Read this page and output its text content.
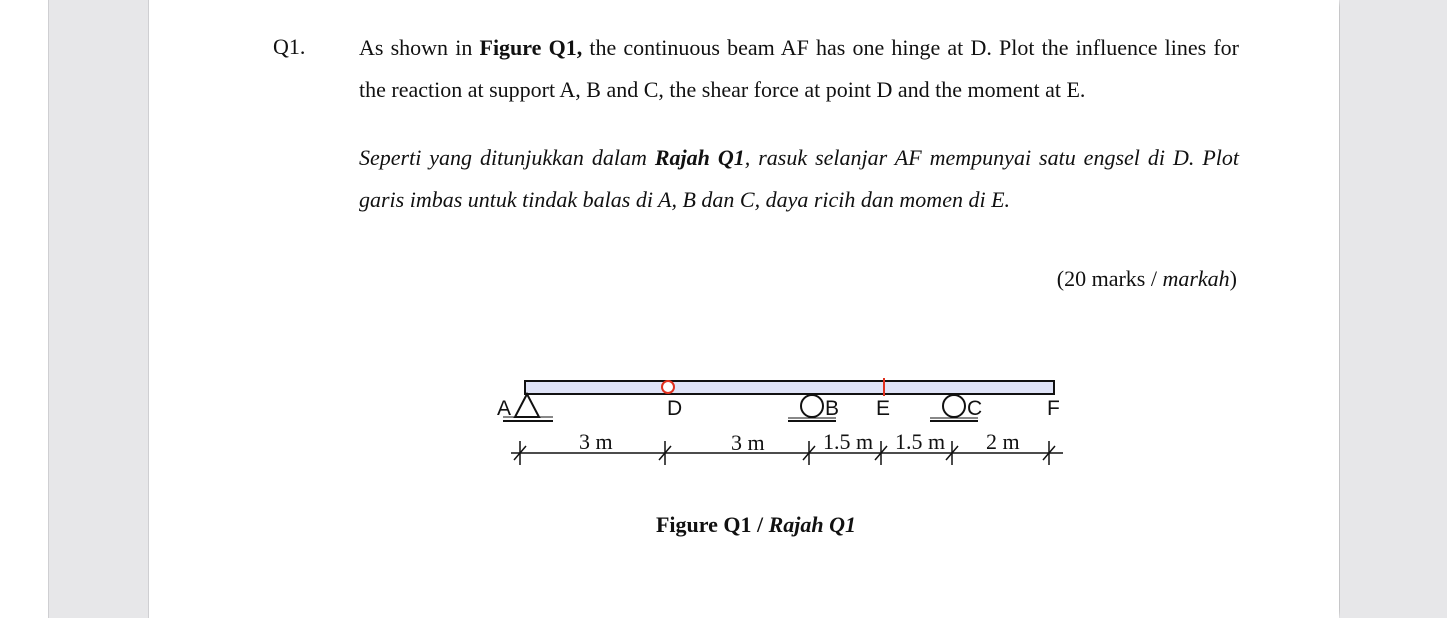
Q1. As shown in Figure Q1, the continuous beam AF has one hinge at D. Plot the influence lines for the reaction at support A, B and C, the shear force at point D and the moment at E.
Seperti yang ditunjukkan dalam Rajah Q1, rasuk selanjar AF mempunyai satu engsel di D. Plot garis imbas untuk tindak balas di A, B dan C, daya ricih dan momen di E.
(20 marks / markah)
A	D	B E	C	F
3 m	3 m	1.5 m 1.5 m 2 m
Figure Q1 / Rajah Q1
